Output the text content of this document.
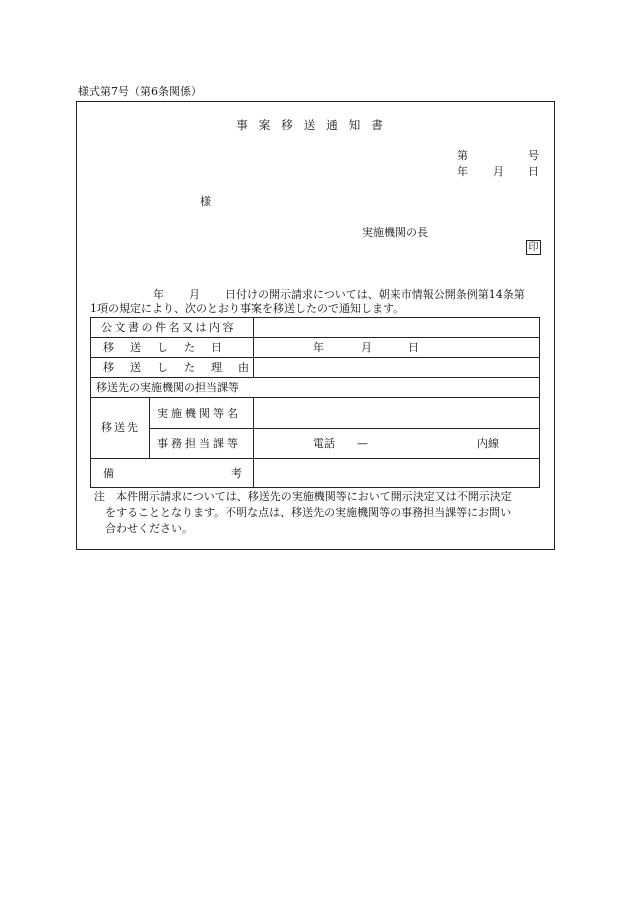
様式第7号（第6条関係）
事案移送通知書
第	号
年 月 日
様
実施機関の長
印
年 月 日付けの開示請求については、朝来市情報公開条例第14条第
1項の規定により、次のとおり事案を移送したので通知します。
公文書の件名又は内容
移送した日	年	月	日
移送した理由
移送先の実施機関の担当課等
移送先
実施機関等名
事務担当課等	電話 —	内線
備	考
注　本件開示請求については、移送先の実施機関等において開示決定又は不開示決定
をすることとなります。不明な点は、移送先の実施機関等の事務担当課等にお問い
合わせください。
